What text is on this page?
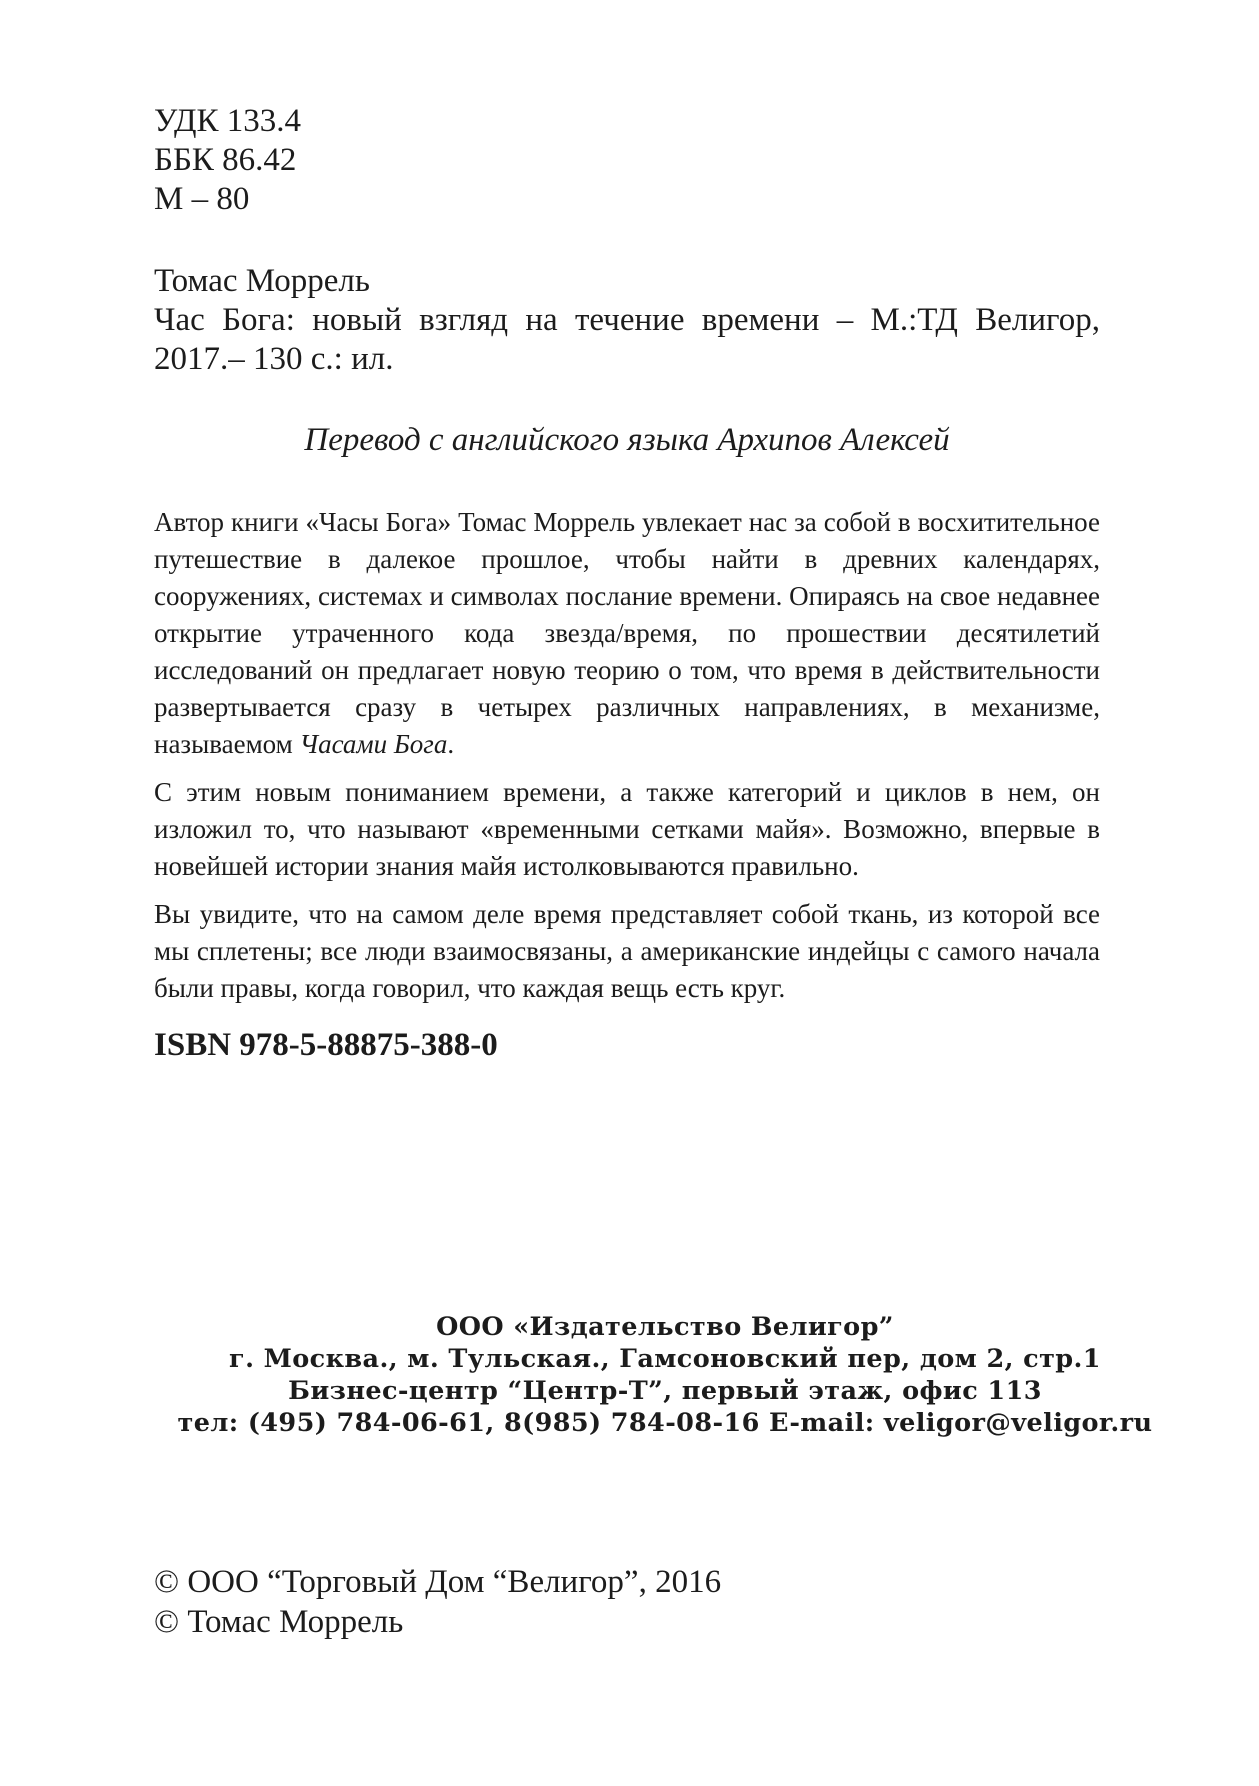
УДК 133.4
ББК 86.42
М – 80
Томас Моррель
Час Бога: новый взгляд на течение времени – М.:ТД Велигор,
2017.– 130 с.: ил.
Перевод с английского языка Архипов Алексей

Автор книги «Часы Бога» Томас Моррель увлекает нас за собой в восхитительное путешествие в далекое прошлое, чтобы найти в древних календарях, сооружениях, системах и символах послание времени. Опираясь на свое недавнее открытие утраченного кода звезда/время, по прошествии десятилетий исследований он предлагает новую теорию о том, что время в действительности развертывается сразу в четырех различных направлениях, в механизме, называемом Часами Бога.

С этим новым пониманием времени, а также категорий и циклов в нем, он изложил то, что называют «временными сетками майя». Возможно, впервые в новейшей истории знания майя истолковываются правильно.

Вы увидите, что на самом деле время представляет собой ткань, из которой все мы сплетены; все люди взаимосвязаны, а американские индейцы с самого начала были правы, когда говорил, что каждая вещь есть круг.

ISBN 978-5-88875-388-0
ООО «Издательство Велигор”
г. Москва., м. Тульская., Гамсоновский пер, дом 2, стр.1
Бизнес-центр “Центр-Т”, первый этаж, офис 113
тел: (495) 784-06-61, 8(985) 784-08-16 E-mail: veligor@veligor.ru
© ООО “Торговый Дом “Велигор”, 2016
© Томас Моррель
